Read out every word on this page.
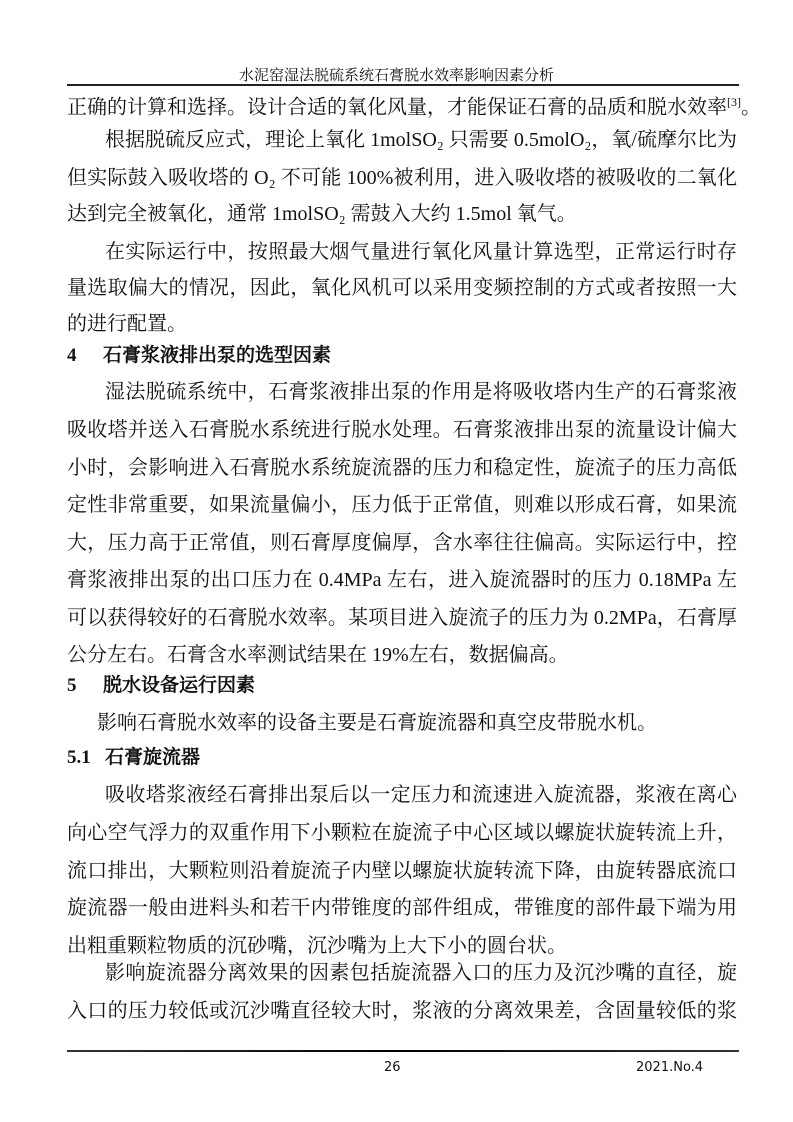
水泥窑湿法脱硫系统石膏脱水效率影响因素分析
正确的计算和选择。设计合适的氧化风量，才能保证石膏的品质和脱水效率[3]。
根据脱硫反应式，理论上氧化 1molSO₂ 只需要 0.5molO₂，氧/硫摩尔比为
但实际鼓入吸收塔的 O₂ 不可能 100%被利用，进入吸收塔的被吸收的二氧化
达到完全被氧化，通常 1molSO₂ 需鼓入大约 1.5mol 氧气。
在实际运行中，按照最大烟气量进行氧化风量计算选型，正常运行时存
量选取偏大的情况，因此，氧化风机可以采用变频控制的方式或者按照一大
的进行配置。
4 石膏浆液排出泵的选型因素
湿法脱硫系统中，石膏浆液排出泵的作用是将吸收塔内生产的石膏浆液
吸收塔并送入石膏脱水系统进行脱水处理。石膏浆液排出泵的流量设计偏大
小时，会影响进入石膏脱水系统旋流器的压力和稳定性，旋流子的压力高低
定性非常重要，如果流量偏小，压力低于正常值，则难以形成石膏，如果流
大，压力高于正常值，则石膏厚度偏厚，含水率往往偏高。实际运行中，控
膏浆液排出泵的出口压力在 0.4MPa 左右，进入旋流器时的压力 0.18MPa 左
可以获得较好的石膏脱水效率。某项目进入旋流子的压力为 0.2MPa，石膏厚
公分左右。石膏含水率测试结果在 19%左右，数据偏高。
5 脱水设备运行因素
影响石膏脱水效率的设备主要是石膏旋流器和真空皮带脱水机。
5.1 石膏旋流器
吸收塔浆液经石膏排出泵后以一定压力和流速进入旋流器，浆液在离心
向心空气浮力的双重作用下小颗粒在旋流子中心区域以螺旋状旋转流上升，
流口排出，大颗粒则沿着旋流子内壁以螺旋状旋转流下降，由旋转器底流口
旋流器一般由进料头和若干内带锥度的部件组成，带锥度的部件最下端为用
出粗重颗粒物质的沉砂嘴，沉沙嘴为上大下小的圆台状。
影响旋流器分离效果的因素包括旋流器入口的压力及沉沙嘴的直径，旋
入口的压力较低或沉沙嘴直径较大时，浆液的分离效果差，含固量较低的浆
26	2021.No.4
